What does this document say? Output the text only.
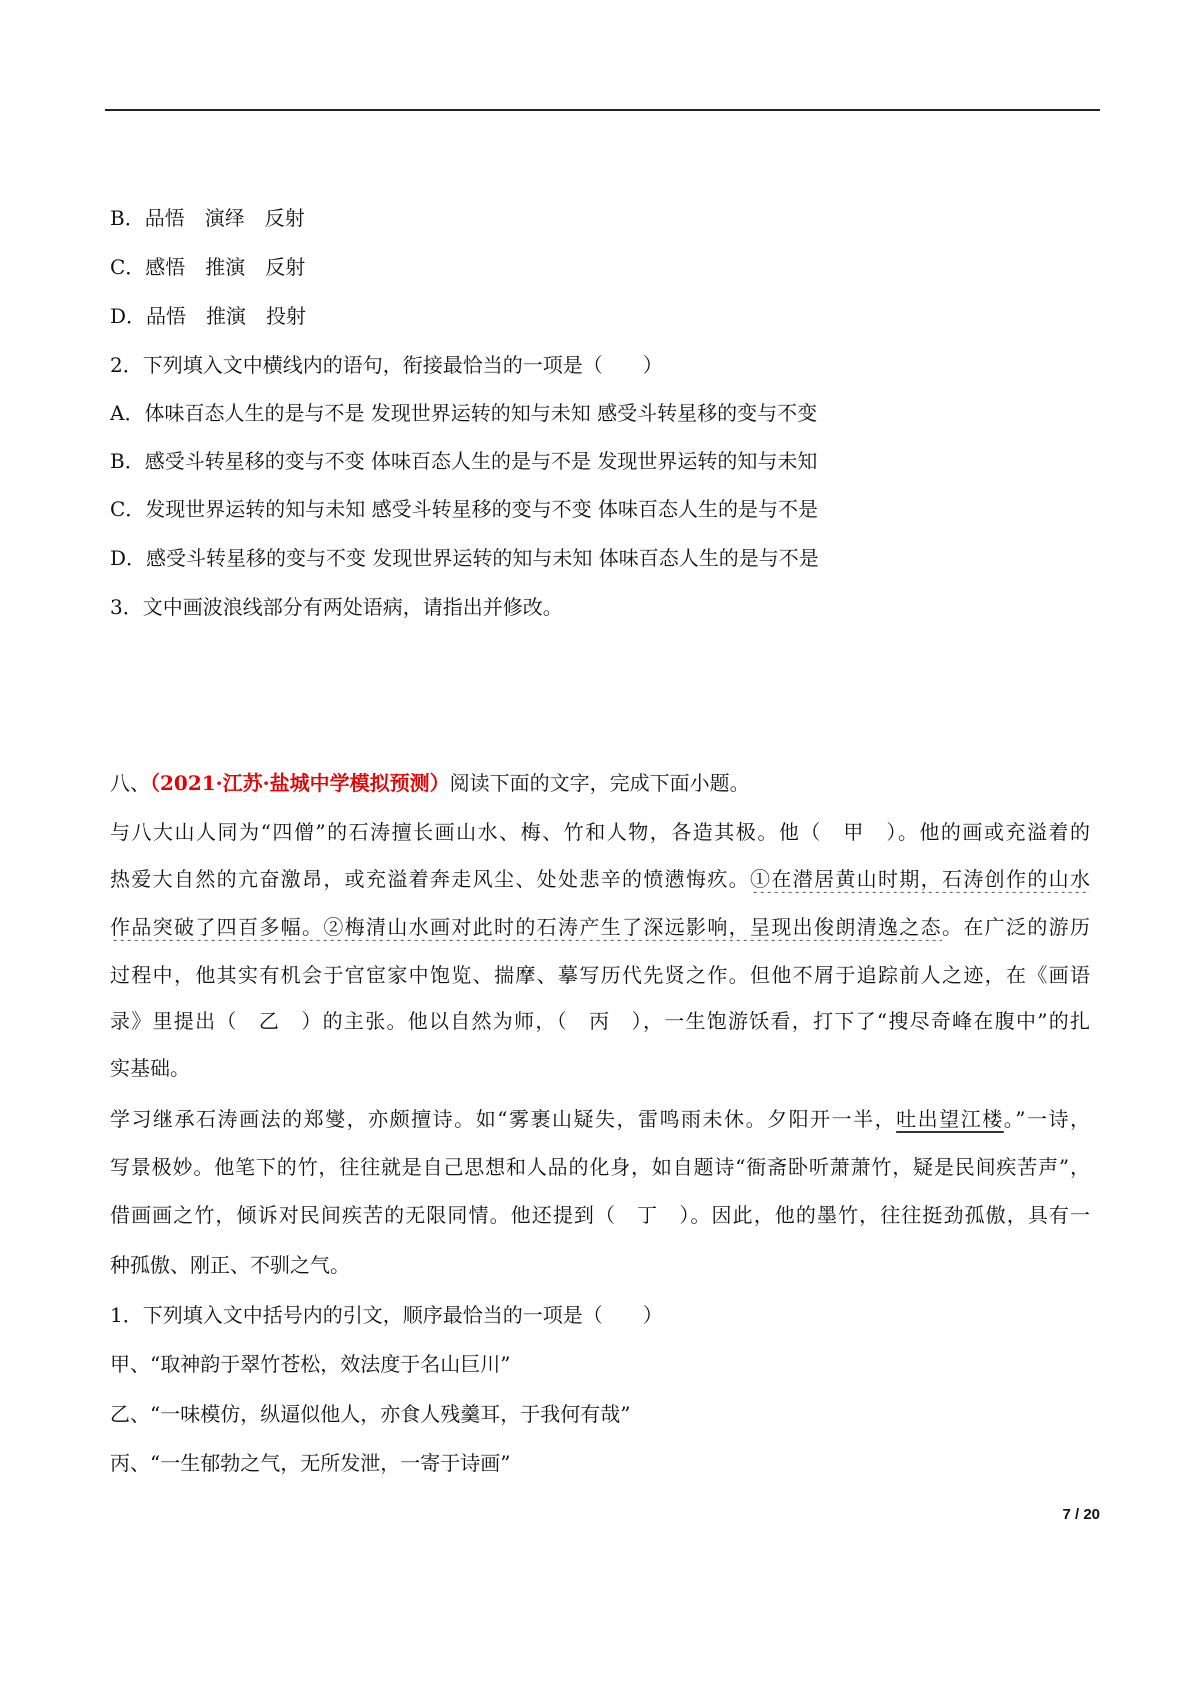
B．品悟　演绎　反射
C．感悟　推演　反射
D．品悟　推演　投射
2．下列填入文中横线内的语句，衔接最恰当的一项是（　　）
A．体味百态人生的是与不是 发现世界运转的知与未知 感受斗转星移的变与不变
B．感受斗转星移的变与不变 体味百态人生的是与不是 发现世界运转的知与未知
C．发现世界运转的知与未知 感受斗转星移的变与不变 体味百态人生的是与不是
D．感受斗转星移的变与不变 发现世界运转的知与未知 体味百态人生的是与不是
3．文中画波浪线部分有两处语病，请指出并修改。
八、（2021·江苏·盐城中学模拟预测）阅读下面的文字，完成下面小题。
与八大山人同为“四僧”的石涛擅长画山水、梅、竹和人物，各造其极。他（　甲　）。他的画或充溢着的
热爱大自然的亢奋激昂，或充溢着奔走风尘、处处悲辛的愤懑悔疚。①在潜居黄山时期，石涛创作的山水
作品突破了四百多幅。②梅清山水画对此时的石涛产生了深远影响，呈现出俊朗清逸之态。在广泛的游历
过程中，他其实有机会于官宦家中饱览、揣摩、摹写历代先贤之作。但他不屑于追踪前人之迹，在《画语
录》里提出（　乙　）的主张。他以自然为师，（　丙　），一生饱游饫看，打下了“搜尽奇峰在腹中”的扎
实基础。
学习继承石涛画法的郑燮，亦颇擅诗。如“雾裹山疑失，雷鸣雨未休。夕阳开一半，吐出望江楼。”一诗，
写景极妙。他笔下的竹，往往就是自己思想和人品的化身，如自题诗“衙斋卧听萧萧竹，疑是民间疾苦声”，
借画画之竹，倾诉对民间疾苦的无限同情。他还提到（　丁　）。因此，他的墨竹，往往挺劲孤傲，具有一
种孤傲、刚正、不驯之气。
1．下列填入文中括号内的引文，顺序最恰当的一项是（　　）
甲、“取神韵于翠竹苍松，效法度于名山巨川”
乙、“一味模仿，纵逼似他人，亦食人残羹耳，于我何有哉”
丙、“一生郁勃之气，无所发泄，一寄于诗画”
7 / 20
